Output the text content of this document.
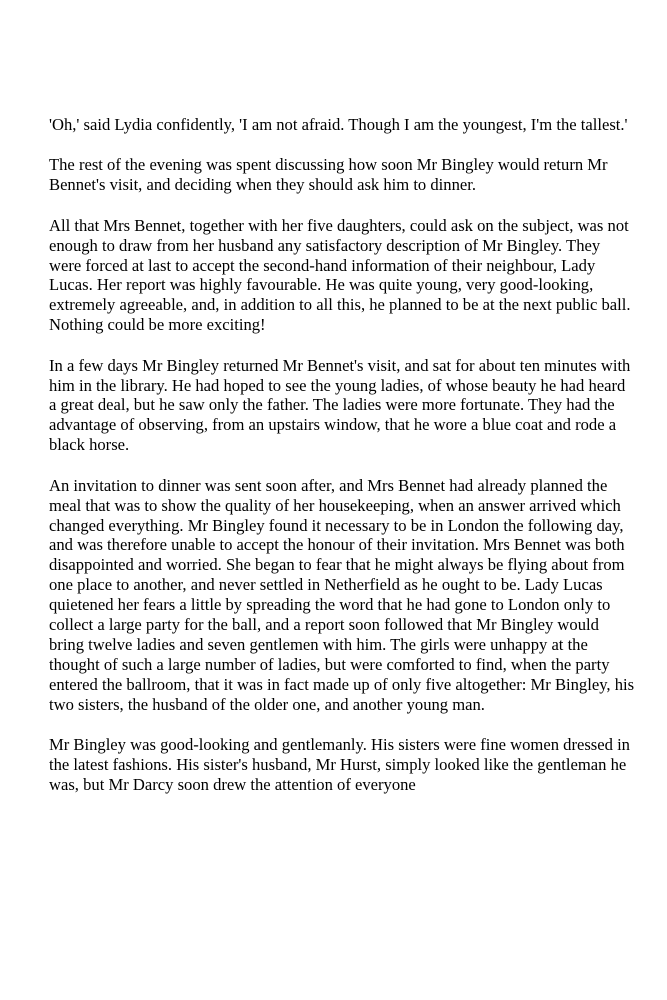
'Oh,' said Lydia confidently, 'I am not afraid. Though I am the youngest, I'm the tallest.'

The rest of the evening was spent discussing how soon Mr Bingley would return Mr Bennet's visit, and deciding when they should ask him to dinner.

All that Mrs Bennet, together with her five daughters, could ask on the subject, was not enough to draw from her husband any satisfactory description of Mr Bingley. They were forced at last to accept the second-hand information of their neighbour, Lady Lucas. Her report was highly favourable. He was quite young, very good-looking, extremely agreeable, and, in addition to all this, he planned to be at the next public ball. Nothing could be more exciting!

In a few days Mr Bingley returned Mr Bennet's visit, and sat for about ten minutes with him in the library. He had hoped to see the young ladies, of whose beauty he had heard a great deal, but he saw only the father. The ladies were more fortunate. They had the advantage of observing, from an upstairs window, that he wore a blue coat and rode a black horse.

An invitation to dinner was sent soon after, and Mrs Bennet had already planned the meal that was to show the quality of her housekeeping, when an answer arrived which changed everything. Mr Bingley found it necessary to be in London the following day, and was therefore unable to accept the honour of their invitation. Mrs Bennet was both disappointed and worried. She began to fear that he might always be flying about from one place to another, and never settled in Netherfield as he ought to be. Lady Lucas quietened her fears a little by spreading the word that he had gone to London only to collect a large party for the ball, and a report soon followed that Mr Bingley would bring twelve ladies and seven gentlemen with him. The girls were unhappy at the thought of such a large number of ladies, but were comforted to find, when the party entered the ballroom, that it was in fact made up of only five altogether: Mr Bingley, his two sisters, the husband of the older one, and another young man.

Mr Bingley was good-looking and gentlemanly. His sisters were fine women dressed in the latest fashions. His sister's husband, Mr Hurst, simply looked like the gentleman he was, but Mr Darcy soon drew the attention of everyone
